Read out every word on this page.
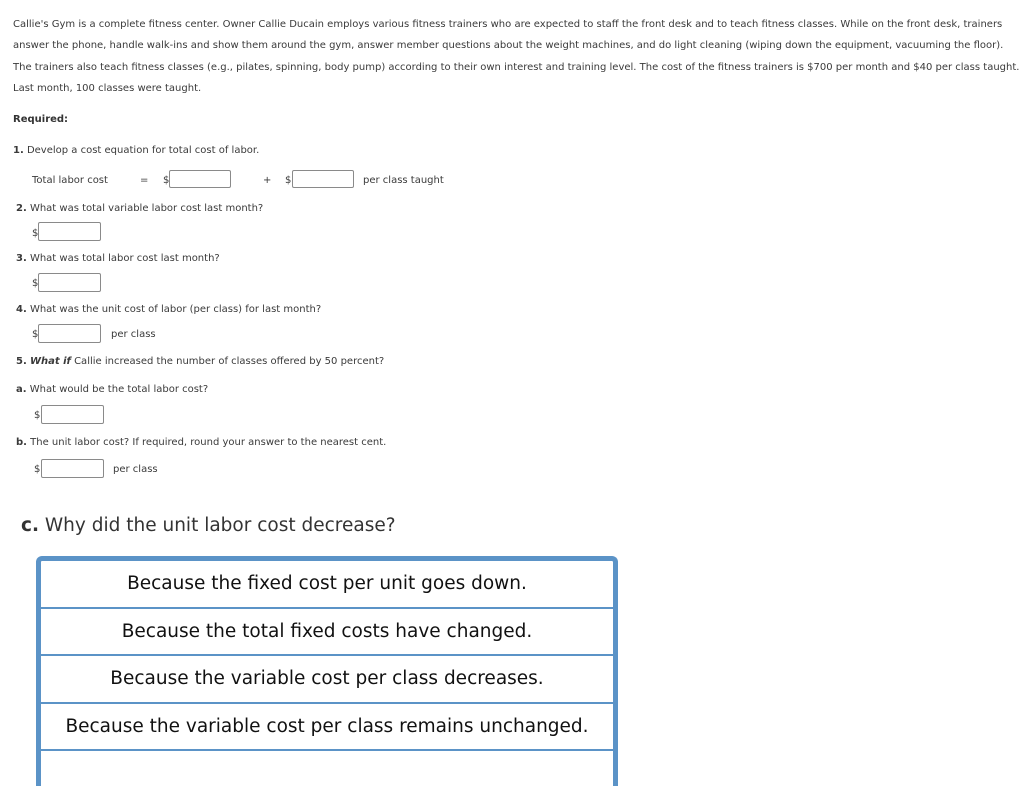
Callie's Gym is a complete fitness center. Owner Callie Ducain employs various fitness trainers who are expected to staff the front desk and to teach fitness classes. While on the front desk, trainers answer the phone, handle walk-ins and show them around the gym, answer member questions about the weight machines, and do light cleaning (wiping down the equipment, vacuuming the floor). The trainers also teach fitness classes (e.g., pilates, spinning, body pump) according to their own interest and training level. The cost of the fitness trainers is $700 per month and $40 per class taught. Last month, 100 classes were taught.
Required:
1. Develop a cost equation for total cost of labor.
Total labor cost	= $	+ $	per class taught
2. What was total variable labor cost last month?
$
3. What was total labor cost last month?
$
4. What was the unit cost of labor (per class) for last month?
$	per class
5. What if Callie increased the number of classes offered by 50 percent?
a. What would be the total labor cost?
$
b. The unit labor cost? If required, round your answer to the nearest cent.
$	per class
c. Why did the unit labor cost decrease?
Because the fixed cost per unit goes down.
Because the total fixed costs have changed.
Because the variable cost per class decreases.
Because the variable cost per class remains unchanged.
